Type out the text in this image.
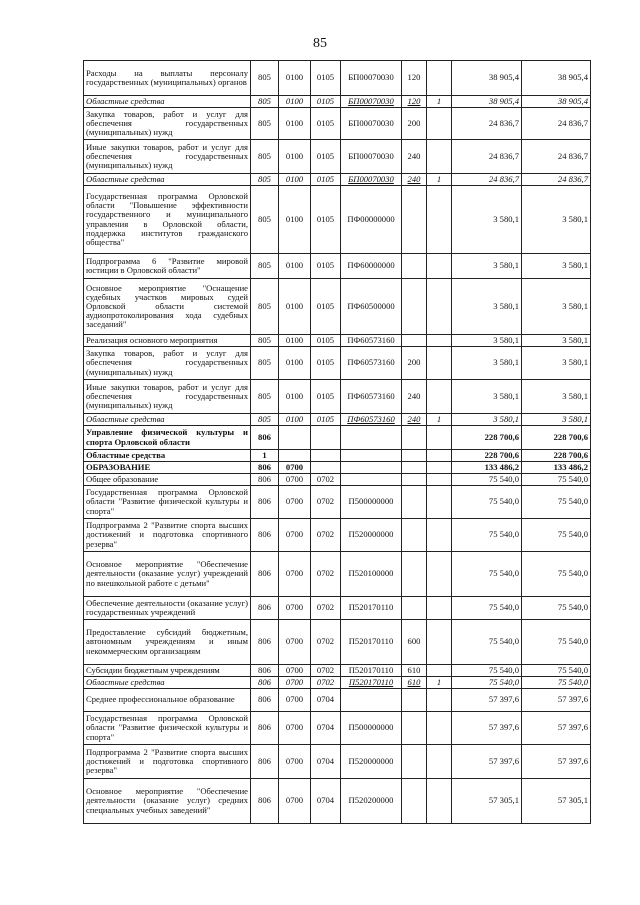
85
Расходы на выплаты персоналу государственных (муниципальных) органов	805	0100	0105	БП00070030	120		38 905,4	38 905,4
Областные средства	805	0100	0105	БП00070030	120	1	38 905,4	38 905,4
Закупка товаров, работ и услуг для обеспечения государственных (муниципальных) нужд	805	0100	0105	БП00070030	200		24 836,7	24 836,7
Иные закупки товаров, работ и услуг для обеспечения государственных (муниципальных) нужд	805	0100	0105	БП00070030	240		24 836,7	24 836,7
Областные средства	805	0100	0105	БП00070030	240	1	24 836,7	24 836,7
Государственная программа Орловской области "Повышение эффективности государственного и муниципального управления в Орловской области, поддержка институтов гражданского общества"	805	0100	0105	ПФ00000000			3 580,1	3 580,1
Подпрограмма 6 "Развитие мировой юстиции в Орловской области"	805	0100	0105	ПФ60000000			3 580,1	3 580,1
Основное мероприятие "Оснащение судебных участков мировых судей Орловской области системой аудиопротоколирования хода судебных заседаний"	805	0100	0105	ПФ60500000			3 580,1	3 580,1
Реализация основного мероприятия	805	0100	0105	ПФ60573160			3 580,1	3 580,1
Закупка товаров, работ и услуг для обеспечения государственных (муниципальных) нужд	805	0100	0105	ПФ60573160	200		3 580,1	3 580,1
Иные закупки товаров, работ и услуг для обеспечения государственных (муниципальных) нужд	805	0100	0105	ПФ60573160	240		3 580,1	3 580,1
Областные средства	805	0100	0105	ПФ60573160	240	1	3 580,1	3 580,1
Управление физической культуры и спорта Орловской области	806						228 700,6	228 700,6
Областные средства	1						228 700,6	228 700,6
ОБРАЗОВАНИЕ	806	0700					133 486,2	133 486,2
Общее образование	806	0700	0702				75 540,0	75 540,0
Государственная программа Орловской области "Развитие физической культуры и спорта"	806	0700	0702	П500000000			75 540,0	75 540,0
Подпрограмма 2 "Развитие спорта высших достижений и подготовка спортивного резерва"	806	0700	0702	П520000000			75 540,0	75 540,0
Основное мероприятие "Обеспечение деятельности (оказание услуг) учреждений по внешкольной работе с детьми"	806	0700	0702	П520100000			75 540,0	75 540,0
Обеспечение деятельности (оказание услуг) государственных учреждений	806	0700	0702	П520170110			75 540,0	75 540,0
Предоставление субсидий бюджетным, автономным учреждениям и иным некоммерческим организациям	806	0700	0702	П520170110	600		75 540,0	75 540,0
Субсидии бюджетным учреждениям	806	0700	0702	П520170110	610		75 540,0	75 540,0
Областные средства	806	0700	0702	П520170110	610	1	75 540,0	75 540,0
Среднее профессиональное образование	806	0700	0704				57 397,6	57 397,6
Государственная программа Орловской области "Развитие физической культуры и спорта"	806	0700	0704	П500000000			57 397,6	57 397,6
Подпрограмма 2 "Развитие спорта высших достижений и подготовка спортивного резерва"	806	0700	0704	П520000000			57 397,6	57 397,6
Основное мероприятие "Обеспечение деятельности (оказание услуг) средних специальных учебных заведений"	806	0700	0704	П520200000			57 305,1	57 305,1
